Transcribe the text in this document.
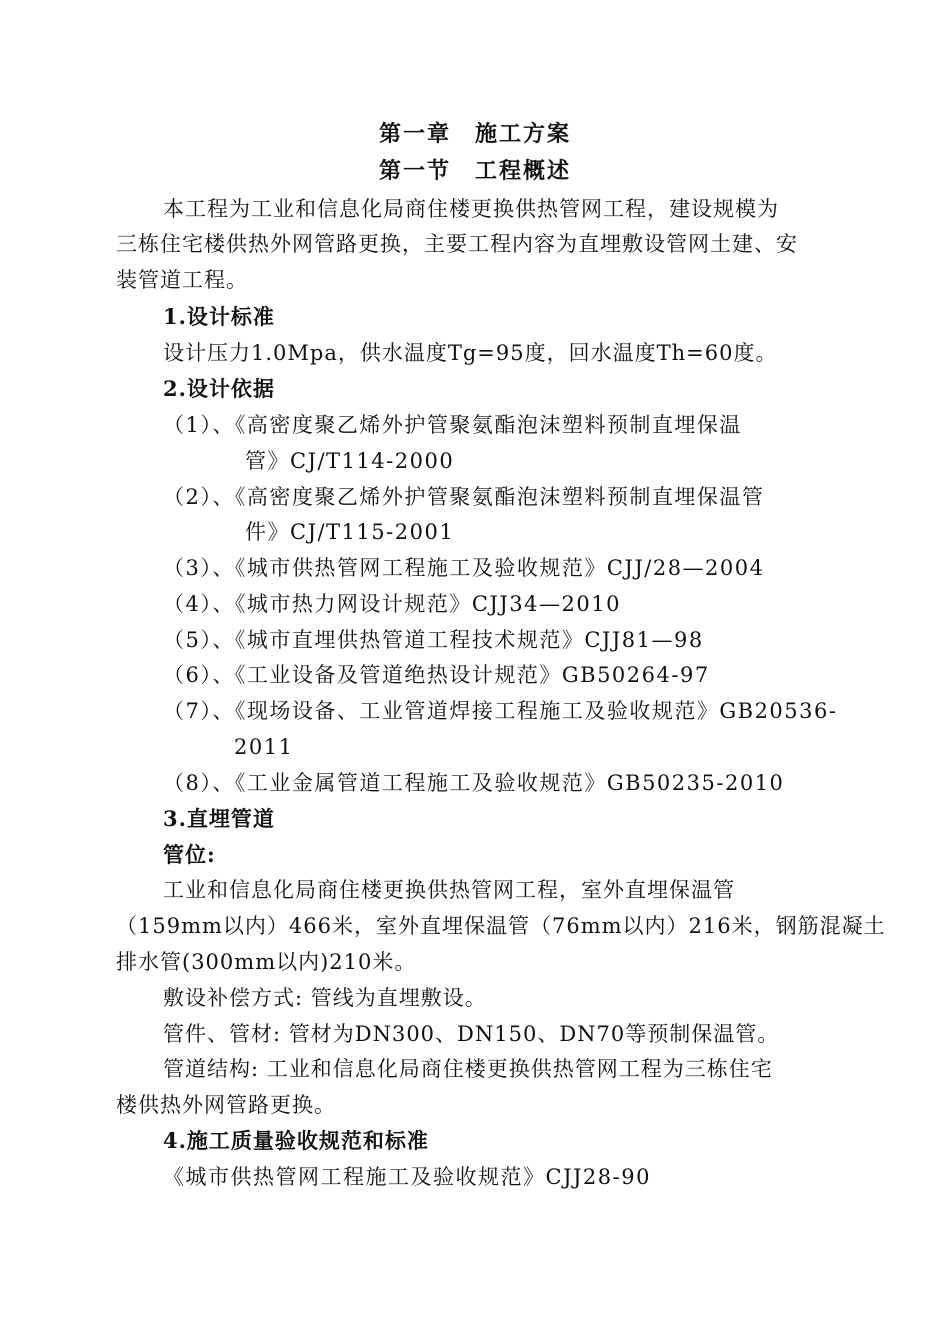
第一章　施工方案
第一节　工程概述
本工程为工业和信息化局商住楼更换供热管网工程，建设规模为
三栋住宅楼供热外网管路更换，主要工程内容为直埋敷设管网土建、安
装管道工程。
1.设计标准
设计压力1.0Mpa，供水温度Tg=95度，回水温度Th=60度。
2.设计依据
（1）、《高密度聚乙烯外护管聚氨酯泡沫塑料预制直埋保温
管》CJ/T114-2000
（2）、《高密度聚乙烯外护管聚氨酯泡沫塑料预制直埋保温管
件》CJ/T115-2001
（3）、《城市供热管网工程施工及验收规范》CJJ/28—2004
（4）、《城市热力网设计规范》CJJ34—2010
（5）、《城市直埋供热管道工程技术规范》CJJ81—98
（6）、《工业设备及管道绝热设计规范》GB50264-97
（7）、《现场设备、工业管道焊接工程施工及验收规范》GB20536-
2011
（8）、《工业金属管道工程施工及验收规范》GB50235-2010
3.直埋管道
管位:
工业和信息化局商住楼更换供热管网工程，室外直埋保温管
（159mm以内）466米，室外直埋保温管（76mm以内）216米，钢筋混凝土
排水管(300mm以内)210米。
敷设补偿方式: 管线为直埋敷设。
管件、管材: 管材为DN300、DN150、DN70等预制保温管。
管道结构: 工业和信息化局商住楼更换供热管网工程为三栋住宅
楼供热外网管路更换。
4.施工质量验收规范和标准
《城市供热管网工程施工及验收规范》CJJ28-90
